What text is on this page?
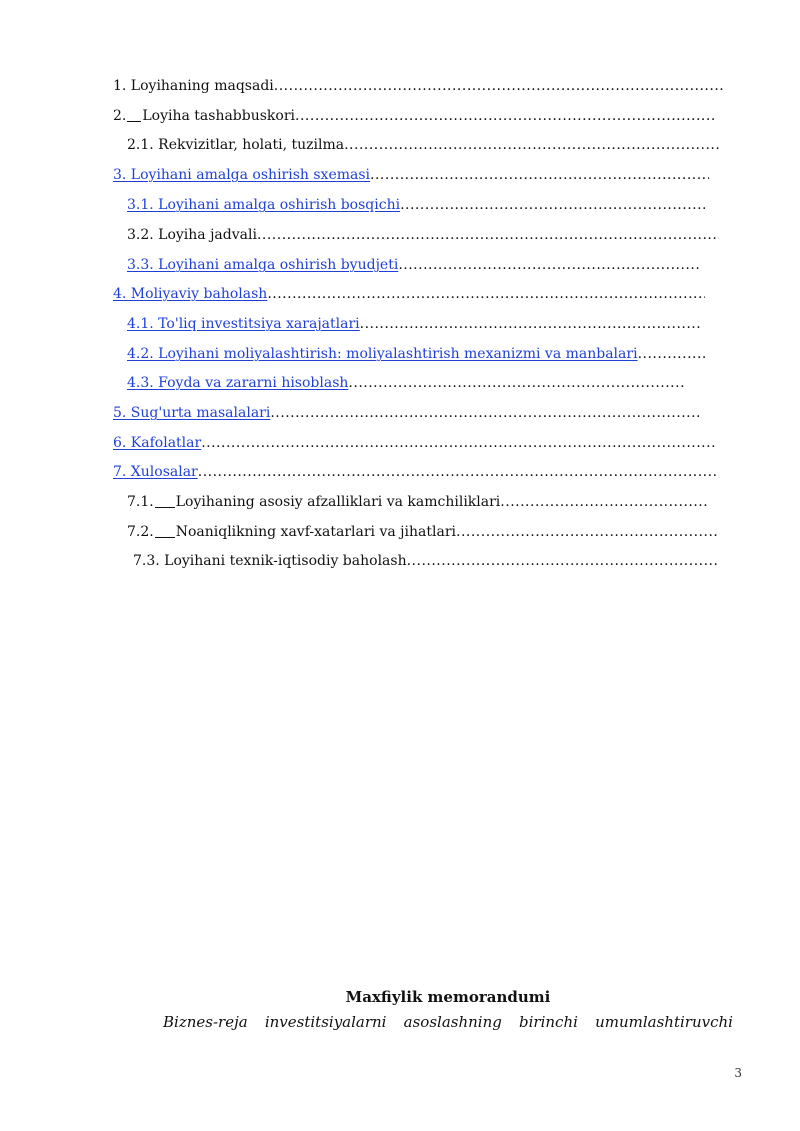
1. Loyihaning maqsadi
.....
2. Loyiha tashabbuskori
.....
2.1. Rekvizitlar, holati, tuzilma
.....
3. Loyihani amalga oshirish sxemasi
.....
3.1. Loyihani amalga oshirish bosqichi
.....
3.2. Loyiha jadvali
.....
3.3. Loyihani amalga oshirish byudjeti
.....
4. Moliyaviy baholash
.....
4.1. To'liq investitsiya xarajatlari
.....
4.2. Loyihani moliyalashtirish: moliyalashtirish mexanizmi va manbalari
.....
4.3. Foyda va zararni hisoblash
.....
5. Sug'urta masalalari
.....
6. Kafolatlar
.....
7. Xulosalar
.....
7.1. Loyihaning asosiy afzalliklari va kamchiliklari
.....
7.2. Noaniqlikning xavf-xatarlari va jihatlari
.....
7.3. Loyihani texnik-iqtisodiy baholash
.....
Maxfiylik memorandumi
Biznes-reja investitsiyalarni asoslashning birinchi umumlashtiruvchi
3
